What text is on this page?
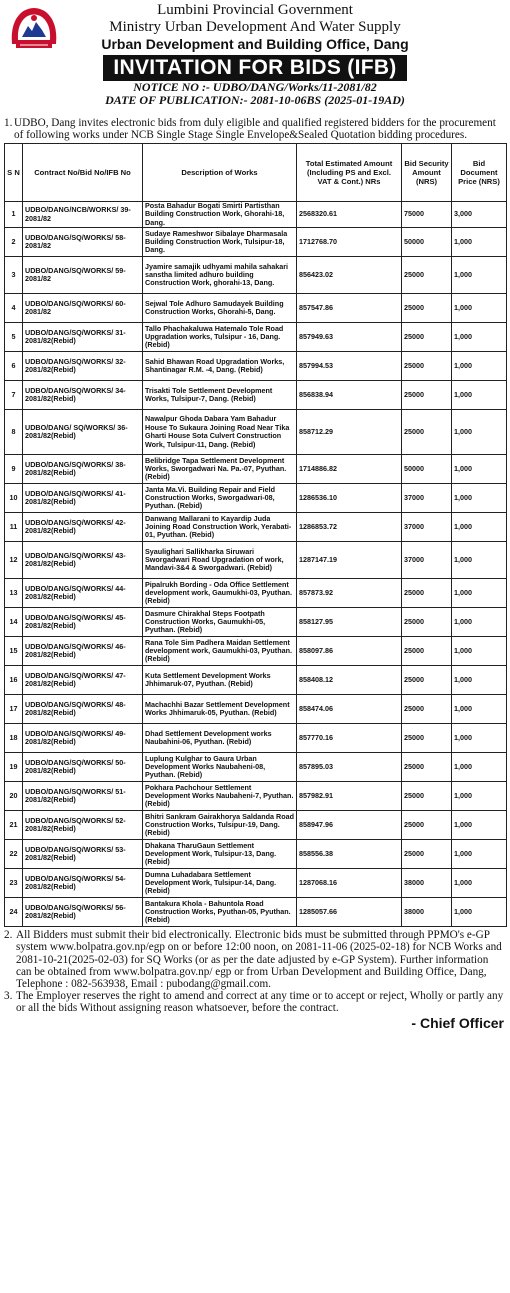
Lumbini Provincial Government
Ministry Urban Development And Water Supply
Urban Development and Building Office, Dang
INVITATION FOR BIDS (IFB)
NOTICE NO :- UDBO/DANG/Works/11-2081/82
DATE OF PUBLICATION:- 2081-10-06BS (2025-01-19AD)
1. UDBO, Dang invites electronic bids from duly eligible and qualified registered bidders for the procurement of following works under NCB Single Stage Single Envelope&Sealed Quotation bidding procedures.
S N	Contract No/Bid No/IFB No	Description of Works	Total Estimated Amount (Including PS and Excl. VAT & Cont.) NRs	Bid Security Amount (NRS)	Bid Document Price (NRS)
1	UDBO/DANG/NCB/WORKS/ 39-2081/82	Posta Bahadur Bogati Smirti Partisthan Building Construction Work, Ghorahi-18, Dang.	2568320.61	75000	3,000
2	UDBO/DANG/SQ/WORKS/ 58-2081/82	Sudaye Rameshwor Sibalaye Dharmasala Building Construction Work, Tulsipur-18, Dang.	1712768.70	50000	1,000
3	UDBO/DANG/SQ/WORKS/ 59-2081/82	Jyamire samajik udhyami mahila sahakari sanstha limited adhuro building Construction Work, ghorahi-13, Dang.	856423.02	25000	1,000
4	UDBO/DANG/SQ/WORKS/ 60-2081/82	Sejwal Tole Adhuro Samudayek Building Construction Works, Ghorahi-5, Dang.	857547.86	25000	1,000
5	UDBO/DANG/SQ/WORKS/ 31-2081/82(Rebid)	Tallo Phachakaluwa Hatemalo Tole Road Upgradation works, Tulsipur - 16, Dang. (Rebid)	857949.63	25000	1,000
6	UDBO/DANG/SQ/WORKS/ 32-2081/82(Rebid)	Sahid Bhawan Road Upgradation Works, Shantinagar R.M. -4, Dang. (Rebid)	857994.53	25000	1,000
7	UDBO/DANG/SQ/WORKS/ 34-2081/82(Rebid)	Trisakti Tole Settlement Development Works, Tulsipur-7, Dang. (Rebid)	856838.94	25000	1,000
8	UDBO/DANG/ SQ/WORKS/ 36-2081/82(Rebid)	Nawalpur Ghoda Dabara Yam Bahadur House To Sukaura Joining Road Near Tika Gharti House Sota Culvert Construction Work, Tulsipur-11, Dang. (Rebid)	858712.29	25000	1,000
9	UDBO/DANG/SQ/WORKS/ 38-2081/82(Rebid)	Belibridge Tapa Settlement Development Works, Sworgadwari Na. Pa.-07, Pyuthan. (Rebid)	1714886.82	50000	1,000
10	UDBO/DANG/SQ/WORKS/ 41-2081/82(Rebid)	Janta Ma.Vi. Building Repair and Field Construction Works, Sworgadwari-08, Pyuthan. (Rebid)	1286536.10	37000	1,000
11	UDBO/DANG/SQ/WORKS/ 42-2081/82(Rebid)	Danwang Mallarani to Kayardip Juda Joining Road Construction Work, Yerabati-01, Pyuthan. (Rebid)	1286853.72	37000	1,000
12	UDBO/DANG/SQ/WORKS/ 43-2081/82(Rebid)	Syaulighari Sallikharka Siruwari Sworgadwari Road Upgradation of work, Mandavi-3&4 & Sworgadwari. (Rebid)	1287147.19	37000	1,000
13	UDBO/DANG/SQ/WORKS/ 44-2081/82(Rebid)	Pipalrukh Bording - Oda Office Settlement development work, Gaumukhi-03, Pyuthan. (Rebid)	857873.92	25000	1,000
14	UDBO/DANG/SQ/WORKS/ 45-2081/82(Rebid)	Dasmure Chirakhal Steps Footpath Construction Works, Gaumukhi-05, Pyuthan. (Rebid)	858127.95	25000	1,000
15	UDBO/DANG/SQ/WORKS/ 46-2081/82(Rebid)	Rana Tole Sim Padhera Maidan Settlement development work, Gaumukhi-03, Pyuthan. (Rebid)	858097.86	25000	1,000
16	UDBO/DANG/SQ/WORKS/ 47-2081/82(Rebid)	Kuta Settlement Development Works Jhhimaruk-07, Pyuthan. (Rebid)	858408.12	25000	1,000
17	UDBO/DANG/SQ/WORKS/ 48-2081/82(Rebid)	Machachhi Bazar Settlement Development Works Jhhimaruk-05, Pyuthan. (Rebid)	858474.06	25000	1,000
18	UDBO/DANG/SQ/WORKS/ 49-2081/82(Rebid)	Dhad Settlement Development works Naubahini-06, Pyuthan. (Rebid)	857770.16	25000	1,000
19	UDBO/DANG/SQ/WORKS/ 50-2081/82(Rebid)	Luplung Kulghar to Gaura Urban Development Works Naubaheni-08, Pyuthan. (Rebid)	857895.03	25000	1,000
20	UDBO/DANG/SQ/WORKS/ 51-2081/82(Rebid)	Pokhara Pachchour Settlement Development Works Naubaheni-7, Pyuthan. (Rebid)	857982.91	25000	1,000
21	UDBO/DANG/SQ/WORKS/ 52-2081/82(Rebid)	Bhitri Sankram Gairakhorya Saldanda Road Construction Works, Tulsipur-19, Dang. (Rebid)	858947.96	25000	1,000
22	UDBO/DANG/SQ/WORKS/ 53-2081/82(Rebid)	Dhakana TharuGaun Settlement Development Work, Tulsipur-13, Dang. (Rebid)	858556.38	25000	1,000
23	UDBO/DANG/SQ/WORKS/ 54-2081/82(Rebid)	Dumna Luhadabara Settlement Development Work, Tulsipur-14, Dang. (Rebid)	1287068.16	38000	1,000
24	UDBO/DANG/SQ/WORKS/ 56-2081/82(Rebid)	Bantakura Khola - Bahuntola Road Construction Works, Pyuthan-05, Pyuthan. (Rebid)	1285057.66	38000	1,000
2. All Bidders must submit their bid electronically. Electronic bids must be submitted through PPMO's e-GP system www.bolpatra.gov.np/egp on or before 12:00 noon, on 2081-11-06 (2025-02-18) for NCB Works and 2081-10-21(2025-02-03) for SQ Works (or as per the date adjusted by e-GP System). Further information can be obtained from www.bolpatra.gov.np/ egp or from Urban Development and Building Office, Dang, Telephone : 082-563938, Email : pubodang@gmail.com.
3. The Employer reserves the right to amend and correct at any time or to accept or reject, Wholly or partly any or all the bids Without assigning reason whatsoever, before the contract.
- Chief Officer
